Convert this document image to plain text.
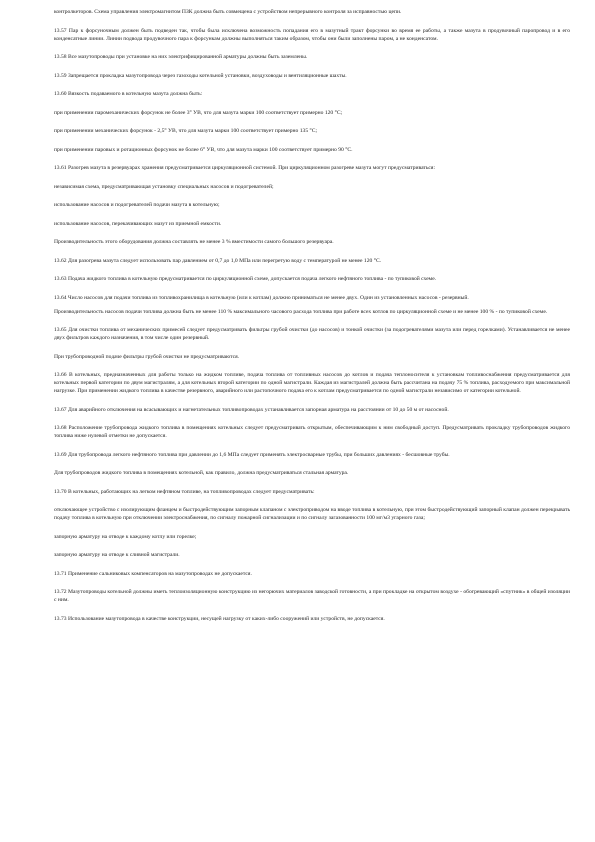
контролкеторов. Схема управления электромагнитом ПЗК должна быть совмещена с устройством непрерывного контроля за исправностью цепи.

13.57 Пар к форсуночным должен быть подведен так, чтобы была исключена возможность попадания его в мазутный тракт форсунки во время ее работы, а также мазута в продувочный паропровод и в его конденсатные линии. Линии подвода продувочного пара к форсункам должны выполняться таким образом, чтобы они были заполнены паром, а не конденсатом.

13.58 Все мазутопроводы при установке на них электрифицированной арматуры должны быть заземлены.

13.59 Запрещается прокладка мазутопровода через газоходы котельной установки, воздуховоды и вентиляционные шахты.

13.60 Вязкость подаваемого в котельную мазута должна быть:

при применении паромеханических форсунок не более 3° УВ, что для мазута марки 100 соответствует примерно 120 °С;

при применении механических форсунок - 2,5° УВ, что для мазута марки 100 соответствует примерно 135 °С;

при применении паровых и ротационных форсунок не более 6° УВ, что для мазута марки 100 соответствует примерно 90 °С.

13.61 Разогрев мазута в резервуарах хранения предусматривается циркуляционной системой. При циркуляционном разогреве мазута могут предусматриваться:

независимая схема, предусматривающая установку специальных насосов и подогревателей;

использование насосов и подогревателей подачи мазута в котельную;

использование насосов, перекачивающих мазут из приемной емкости.

Производительность этого оборудования должна составлять не менее 3 % вместимости самого большого резервуара.

13.62 Для разогрева мазута следует использовать пар давлением от 0,7 до 1,0 МПа или перегретую воду с температурой не менее 120 °С.

13.63 Подача жидкого топлива в котельную предусматривается по циркуляционной схеме, допускается подача легкого нефтяного топлива - по тупиковой схеме.

13.64 Число насосов для подачи топлива из топливохранилища в котельную (или к котлам) должно приниматься не менее двух. Один из установленных насосов - резервный.

Производительность насосов подачи топлива должна быть не менее 110 % максимального часового расхода топлива при работе всех котлов по циркуляционной схеме и не менее 100 % - по тупиковой схеме.

13.65 Для очистки топлива от механических примесей следует предусматривать фильтры грубой очистки (до насосов) и тонкой очистки (за подогревателями мазута или перед горелками). Устанавливается не менее двух фильтров каждого назначения, в том числе один резервный.

При трубопроводной подаче фильтры грубой очистки не предусматриваются.

13.66 В котельных, предназначенных для работы только на жидком топливе, подача топлива от топливных насосов до котлов и подача теплоносителя к установкам топливоснабжения предусматривается для котельных первой категории по двум магистралям, а для котельных второй категории по одной магистрали. Каждая из магистралей должна быть рассчитана на подачу 75 % топлива, расходуемого при максимальной нагрузке. При применении жидкого топлива в качестве резервного, аварийного или растопочного подача его к котлам предусматривается по одной магистрали независимо от категории котельной.

13.67 Для аварийного отключения на всасывающих и нагнетательных топливопроводах устанавливается запорная арматура на расстоянии от 10 до 50 м от насосной.

13.68 Расположение трубопровода жидкого топлива в помещениях котельных следует предусматривать открытым, обеспечивающим к ним свободный доступ. Предусматривать прокладку трубопроводов жидкого топлива ниже нулевой отметки не допускается.

13.69 Для трубопровода легкого нефтяного топлива при давлении до 1,6 МПа следует применять электросварные трубы, при больших давлениях - бесшовные трубы.

Для трубопроводов жидкого топлива в помещениях котельной, как правило, должна предусматриваться стальная арматура.

13.70 В котельных, работающих на легком нефтяном топливе, на топливопроводах следует предусматривать:

отключающее устройство с изолирующим фланцем и быстродействующим запорным клапаном с электроприводом на вводе топлива в котельную, при этом быстродействующий запорный клапан должен перекрывать подачу топлива в котельную при отключении электроснабжения, по сигналу пожарной сигнализации и по сигналу загазованности 100 мг/м3 угарного газа;

запорную арматуру на отводе к каждому котлу или горелке;

запорную арматуру на отводе к сливной магистрали.

13.71 Применение сальниковых компенсаторов на мазутопроводах не допускается.

13.72 Мазутопроводы котельной должны иметь теплоизоляционную конструкцию из негорючих материалов заводской готовности, а при прокладке на открытом воздухе - обогревающий «спутник» в общей изоляции с ним.

13.73 Использование мазутопровода в качестве конструкции, несущей нагрузку от каких-либо сооружений или устройств, не допускается.
